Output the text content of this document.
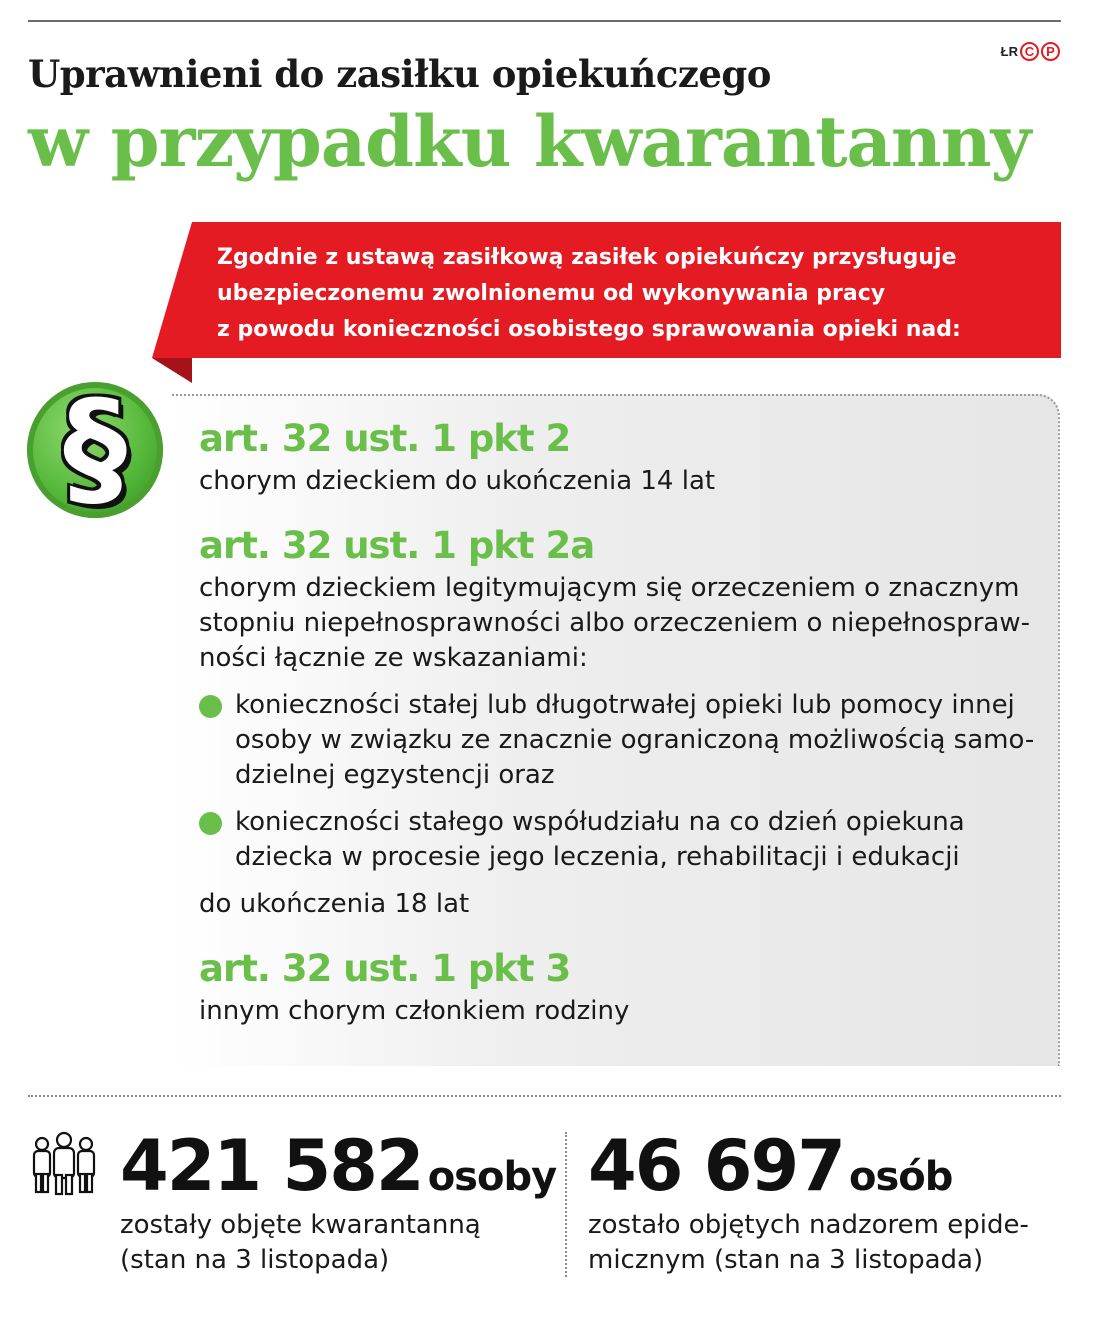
ŁR C P
Uprawnieni do zasiłku opiekuńczego
w przypadku kwarantanny
Zgodnie z ustawą zasiłkową zasiłek opiekuńczy przysługuje
ubezpieczonemu zwolnionemu od wykonywania pracy
z powodu konieczności osobistego sprawowania opieki nad:
§	art. 32 ust. 1 pkt 2
chorym dzieckiem do ukończenia 14 lat
art. 32 ust. 1 pkt 2a
chorym dzieckiem legitymującym się orzeczeniem o znacznym
stopniu niepełnosprawności albo orzeczeniem o niepełnospraw-
ności łącznie ze wskazaniami:
konieczności stałej lub długotrwałej opieki lub pomocy innej
osoby w związku ze znacznie ograniczoną możliwością samo-
dzielnej egzystencji oraz
konieczności stałego współudziału na co dzień opiekuna
dziecka w procesie jego leczenia, rehabilitacji i edukacji
do ukończenia 18 lat
art. 32 ust. 1 pkt 3
innym chorym członkiem rodziny
421 582 osoby
zostały objęte kwarantanną
(stan na 3 listopada)
46 697 osób
zostało objętych nadzorem epide-
micznym (stan na 3 listopada)
